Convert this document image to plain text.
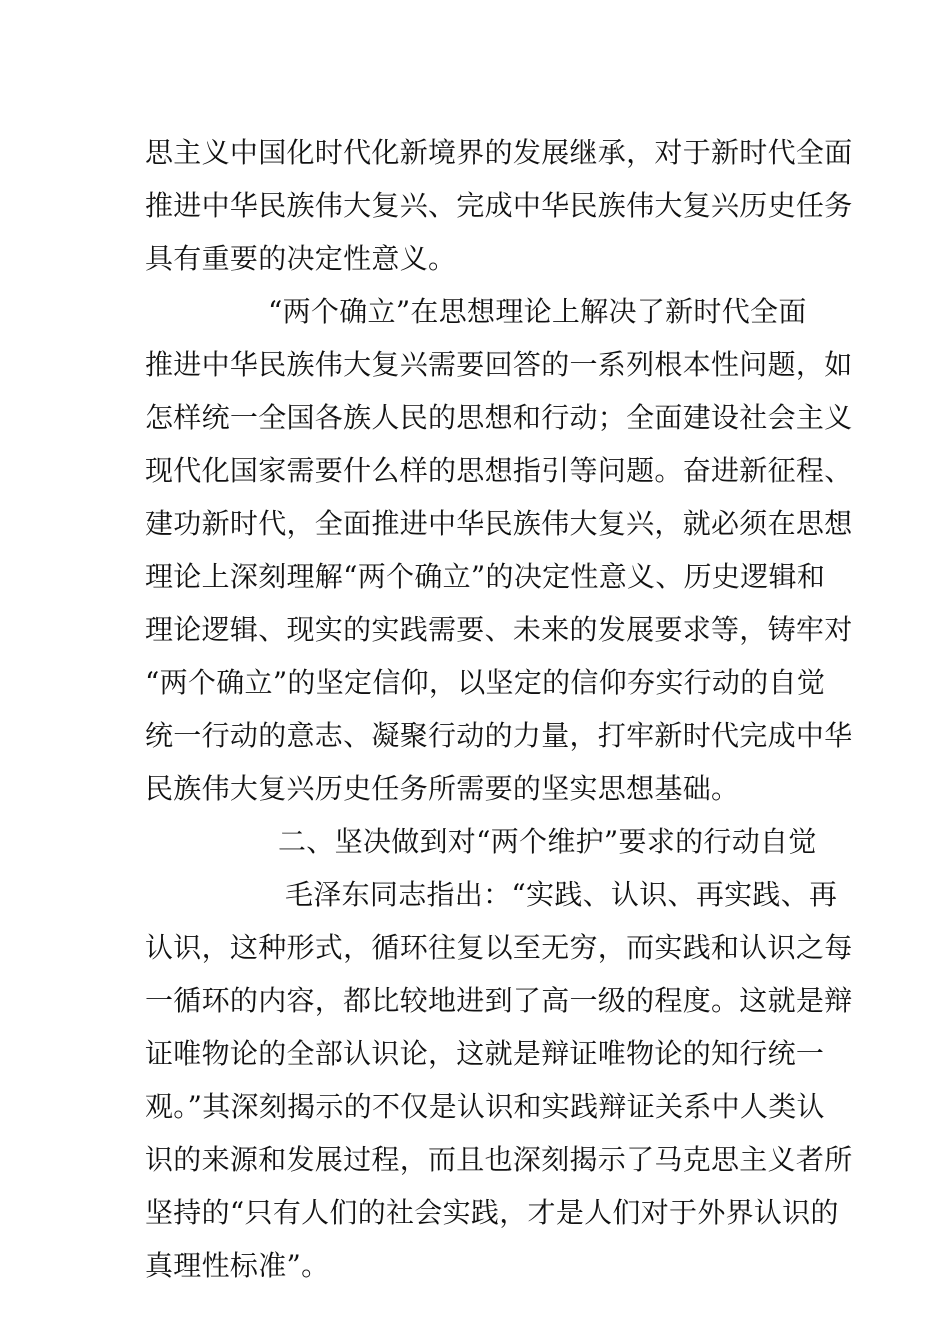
思主义中国化时代化新境界的发展继承，对于新时代全面
推进中华民族伟大复兴、完成中华民族伟大复兴历史任务
具有重要的决定性意义。
“两个确立”在思想理论上解决了新时代全面
推进中华民族伟大复兴需要回答的一系列根本性问题，如
怎样统一全国各族人民的思想和行动；全面建设社会主义
现代化国家需要什么样的思想指引等问题。奋进新征程、
建功新时代，全面推进中华民族伟大复兴，就必须在思想
理论上深刻理解“两个确立”的决定性意义、历史逻辑和
理论逻辑、现实的实践需要、未来的发展要求等，铸牢对
“两个确立”的坚定信仰，以坚定的信仰夯实行动的自觉
统一行动的意志、凝聚行动的力量，打牢新时代完成中华
民族伟大复兴历史任务所需要的坚实思想基础。
二、坚决做到对“两个维护”要求的行动自觉
毛泽东同志指出：“实践、认识、再实践、再
认识，这种形式，循环往复以至无穷，而实践和认识之每
一循环的内容，都比较地进到了高一级的程度。这就是辩
证唯物论的全部认识论，这就是辩证唯物论的知行统一
观。”其深刻揭示的不仅是认识和实践辩证关系中人类认
识的来源和发展过程，而且也深刻揭示了马克思主义者所
坚持的“只有人们的社会实践，才是人们对于外界认识的
真理性标准”。
